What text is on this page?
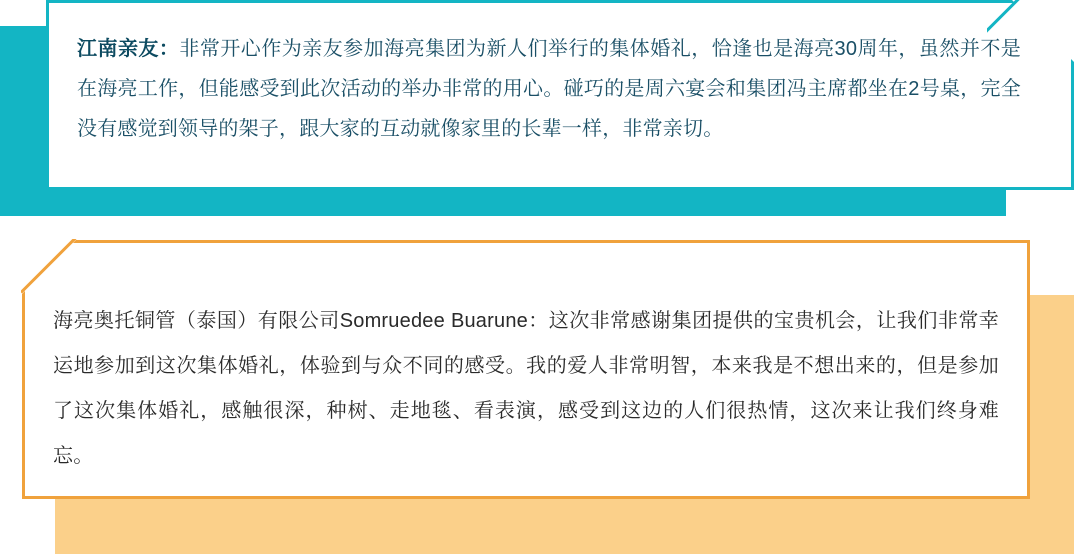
江南亲友：非常开心作为亲友参加海亮集团为新人们举行的集体婚礼，恰逢也是海亮30周年，虽然并不是在海亮工作，但能感受到此次活动的举办非常的用心。碰巧的是周六宴会和集团冯主席都坐在2号桌，完全没有感觉到领导的架子，跟大家的互动就像家里的长辈一样，非常亲切。
海亮奥托铜管（泰国）有限公司Somruedee Buarune：这次非常感谢集团提供的宝贵机会，让我们非常幸运地参加到这次集体婚礼，体验到与众不同的感受。我的爱人非常明智，本来我是不想出来的，但是参加了这次集体婚礼，感触很深，种树、走地毯、看表演，感受到这边的人们很热情，这次来让我们终身难忘。
